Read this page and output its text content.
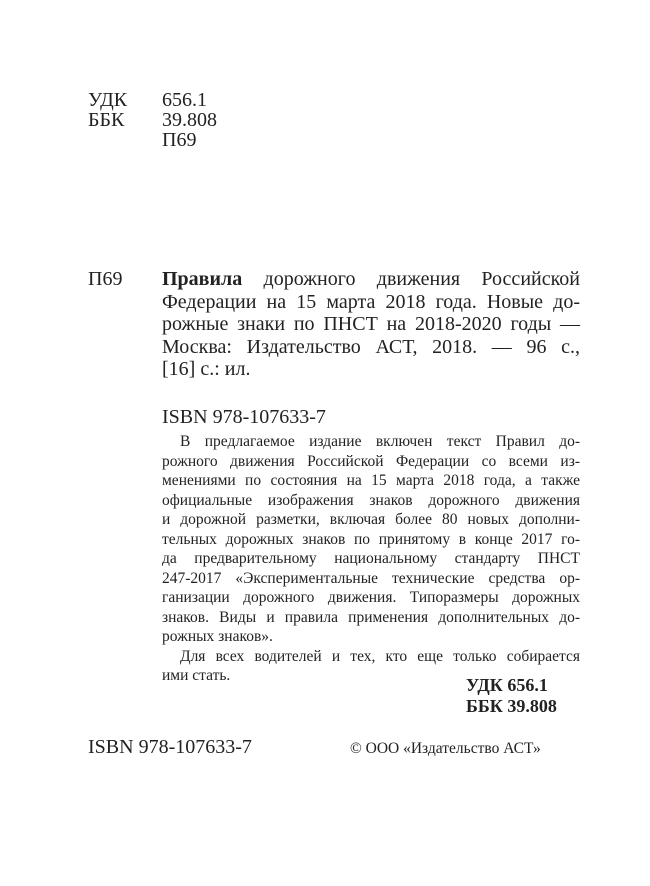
УДК 656.1
ББК 39.808
П69
П69 Правила дорожного движения Российской
Федерации на 15 марта 2018 года. Новые до-
рожные знаки по ПНСТ на 2018-2020 годы —
Москва: Издательство АСТ, 2018. — 96 с.,
[16] с.: ил.
ISBN 978-107633-7
В предлагаемое издание включен текст Правил до-
рожного движения Российской Федерации со всеми из-
менениями по состояния на 15 марта 2018 года, а также
официальные изображения знаков дорожного движения
и дорожной разметки, включая более 80 новых дополни-
тельных дорожных знаков по принятому в конце 2017 го-
да предварительному национальному стандарту ПНСТ
247-2017 «Экспериментальные технические средства ор-
ганизации дорожного движения. Типоразмеры дорожных
знаков. Виды и правила применения дополнительных до-
рожных знаков».
Для всех водителей и тех, кто еще только собирается
ими стать.	УДК 656.1
ББК 39.808
ISBN 978-107633-7	© ООО «Издательство АСТ»
